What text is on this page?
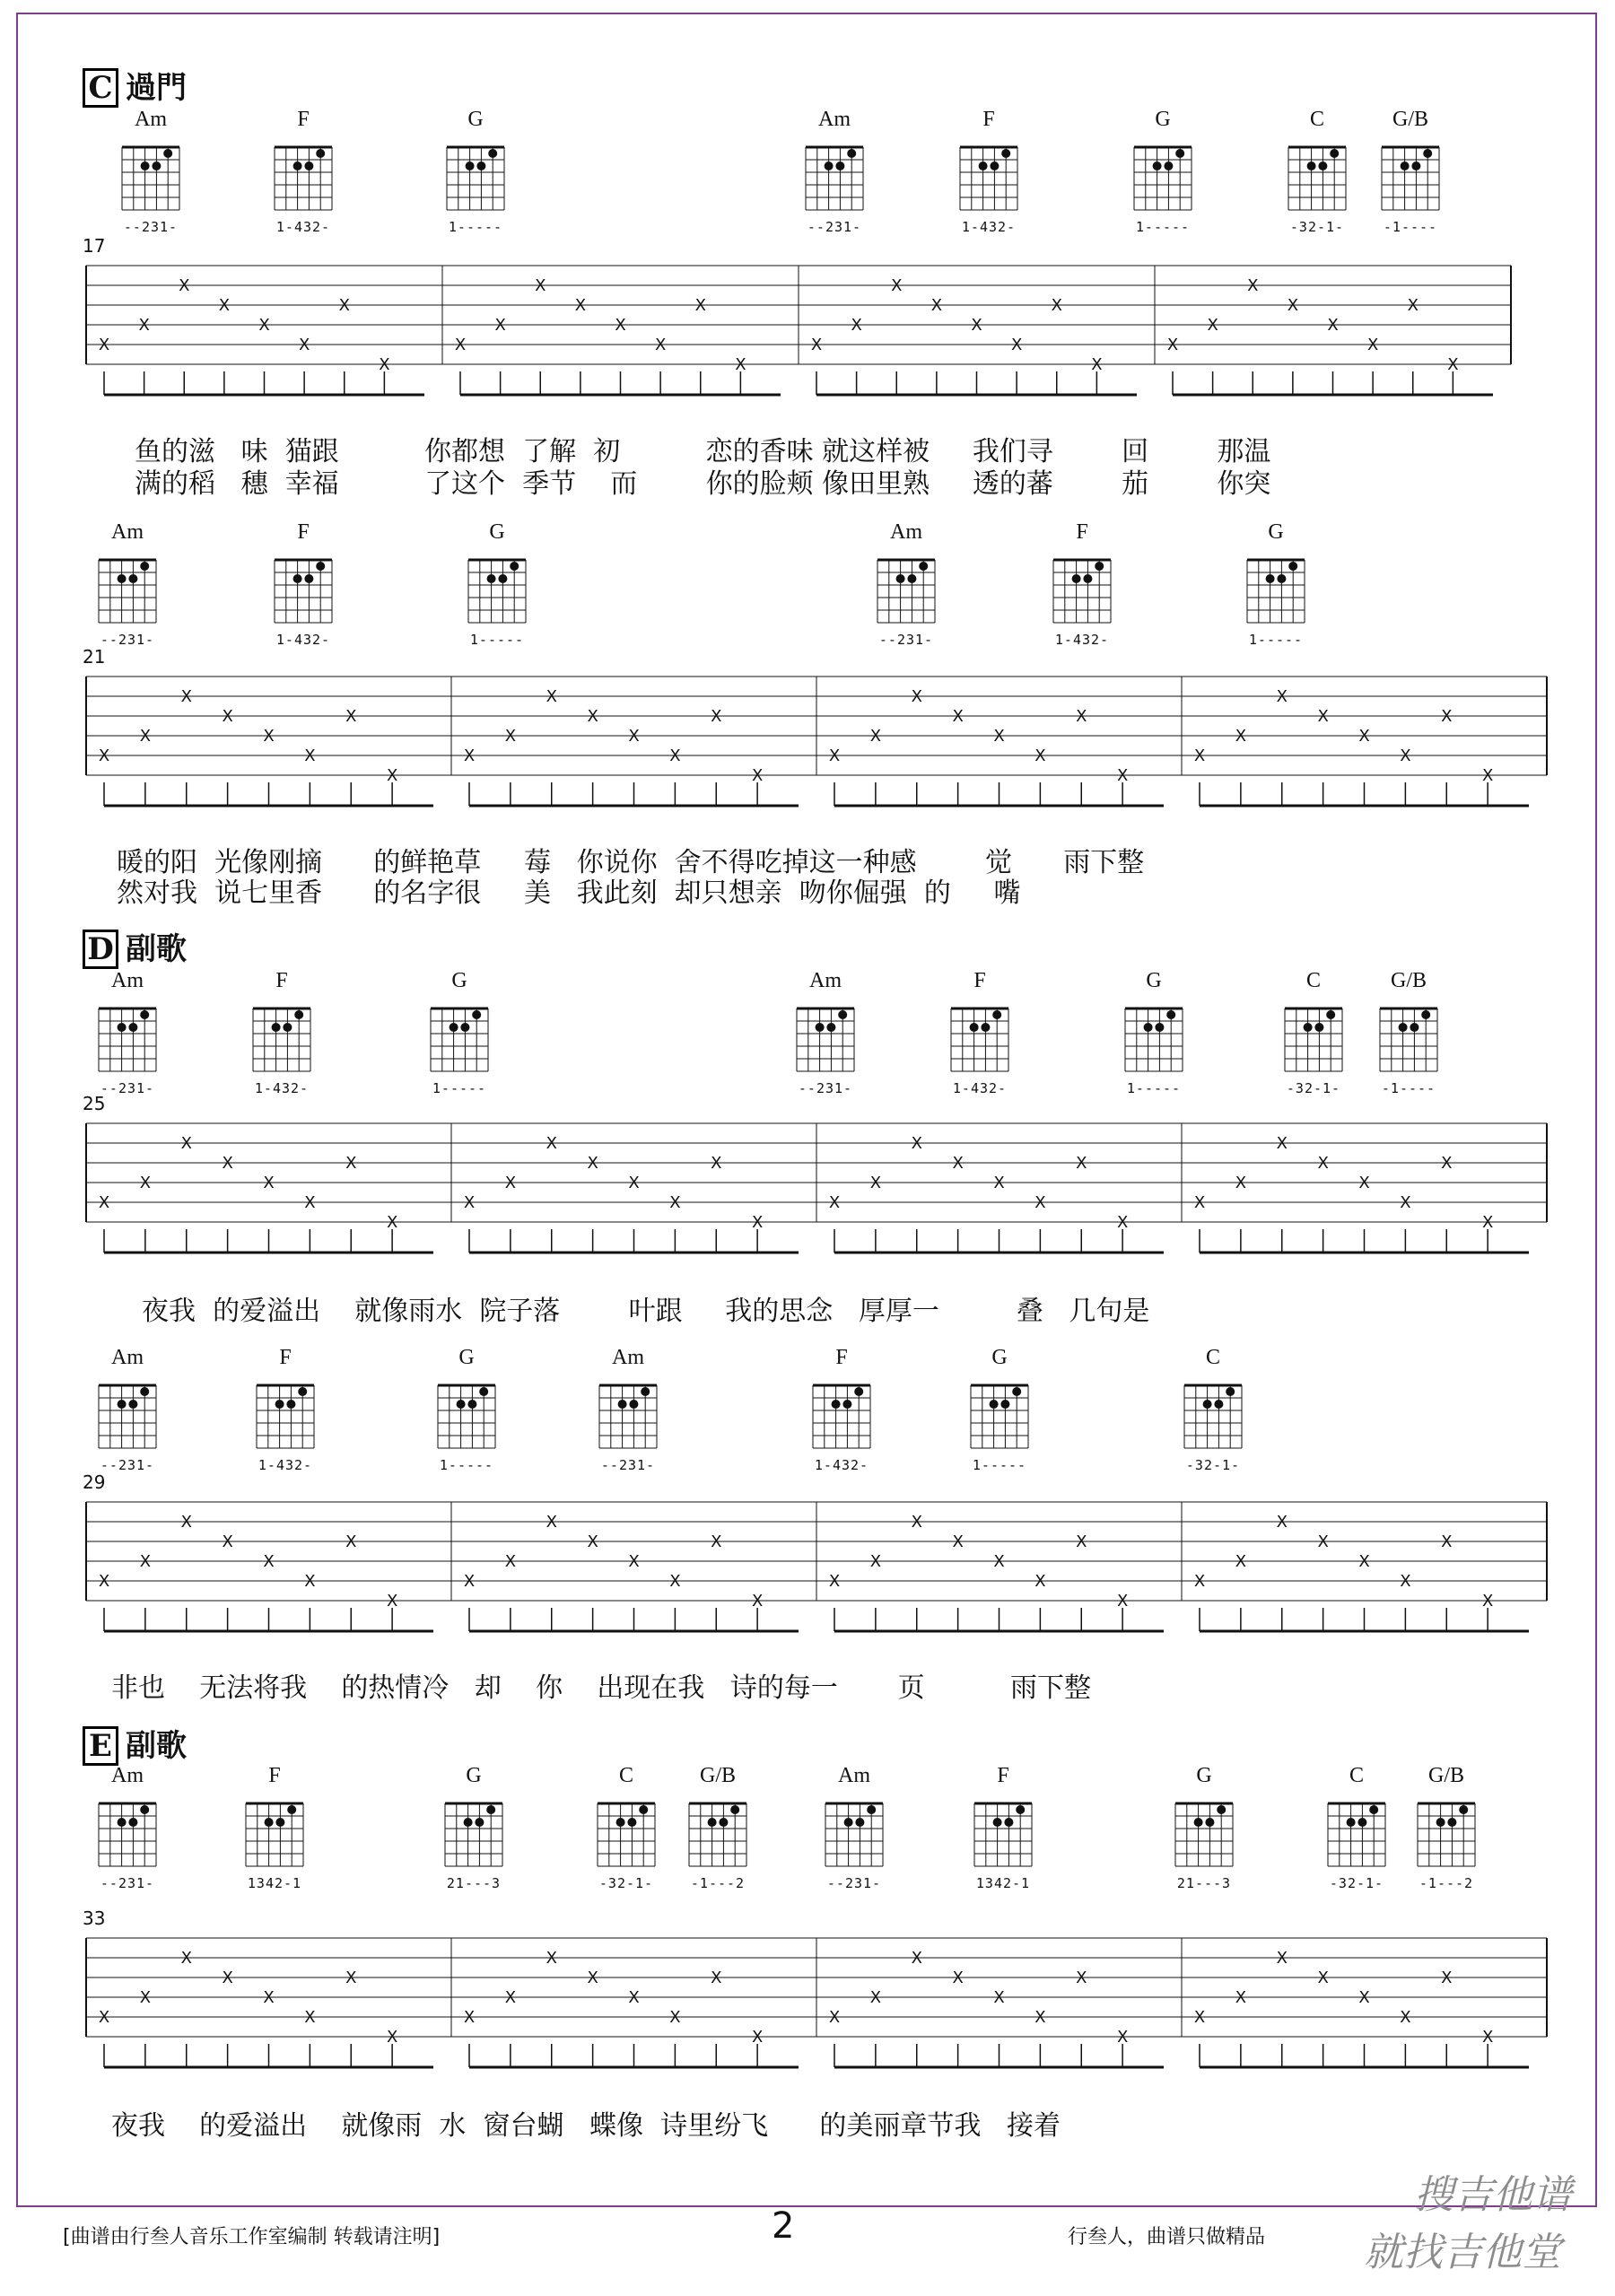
C 過門
D 副歌
E 副歌
Am
--231-
F
1-432-
G
1-----
Am
--231-
F
1-432-
G
1-----
C
-32-1-
G/B
-1----
17
X
X
X
X
X
X
X
X
X
X
X
X
X
X
X
X
X
X
X
X
X
X
X
X
X
X
X
X
X
X
X
X
鱼的滋 味 猫跟	你都想 了解 初	恋的香味 就这样被 我们寻	回	那温
满的稻 穗 幸福	了这个 季节 而	你的脸颊 像田里熟 透的蕃	茄	你突
Am
--231-
F
1-432-
G
1-----
Am
--231-
F
1-432-
G
1-----
21
X
X
X
X
X
X
X
X
X
X
X
X
X
X
X
X
X
X
X
X
X
X
X
X
X
X
X
X
X
X
X
X
暖的阳 光像刚摘 的鲜艳草 莓 你说你 舍不得吃掉这一种感	觉 雨下整
然对我 说七里香 的名字很 美 我此刻 却只想亲 吻你倔强 的 嘴
Am
--231-
F
1-432-
G
1-----
Am
--231-
F
1-432-
G
1-----
C
-32-1-
G/B
-1----
25
X
X
X
X
X
X
X
X
X
X
X
X
X
X
X
X
X
X
X
X
X
X
X
X
X
X
X
X
X
X
X
X
夜我 的爱溢出 就像雨水 院子落	叶跟 我的思念 厚厚一	叠 几句是
Am
--231-
F
1-432-
G
1-----
Am
--231-
F
1-432-
G
1-----
C
-32-1-
29
X
X
X
X
X
X
X
X
X
X
X
X
X
X
X
X
X
X
X
X
X
X
X
X
X
X
X
X
X
X
X
X
非也 无法将我 的热情冷 却 你 出现在我 诗的每一 页	雨下整
Am
--231-
F
1342-1
G
21---3
C
-32-1-
G/B
-1---2
Am
--231-
F
1342-1
G
21---3
C
-32-1-
G/B
-1---2
33
X
X
X
X
X
X
X
X
X
X
X
X
X
X
X
X
X
X
X
X
X
X
X
X
X
X
X
X
X
X
X
X
夜我 的爱溢出 就像雨 水 窗台蝴 蝶像 诗里纷飞 的美丽章节我 接着
[曲谱由行叁人音乐工作室编制 转载请注明]	2	行叁人，曲谱只做精品
搜吉他谱
就找吉他堂
